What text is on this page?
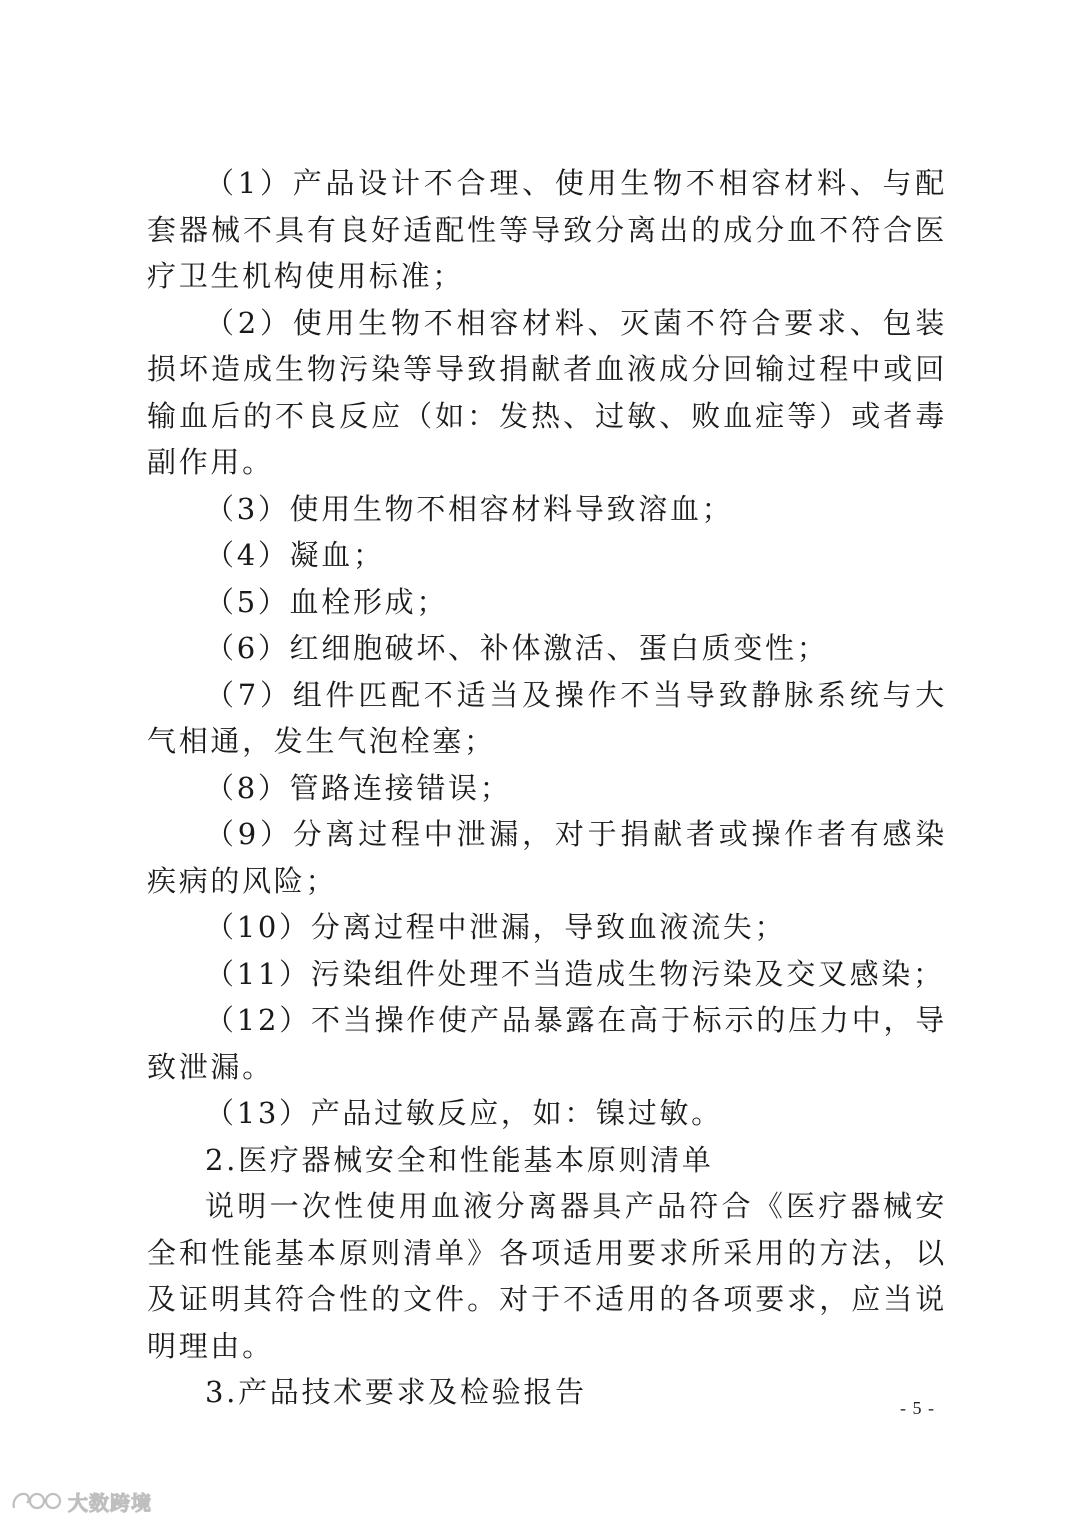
（1）产品设计不合理、使用生物不相容材料、与配套器械不具有良好适配性等导致分离出的成分血不符合医疗卫生机构使用标准；

（2）使用生物不相容材料、灭菌不符合要求、包装损坏造成生物污染等导致捐献者血液成分回输过程中或回输血后的不良反应（如：发热、过敏、败血症等）或者毒副作用。

（3）使用生物不相容材料导致溶血；

（4）凝血；

（5）血栓形成；

（6）红细胞破坏、补体激活、蛋白质变性；

（7）组件匹配不适当及操作不当导致静脉系统与大气相通，发生气泡栓塞；

（8）管路连接错误；

（9）分离过程中泄漏，对于捐献者或操作者有感染疾病的风险；

（10）分离过程中泄漏，导致血液流失；

（11）污染组件处理不当造成生物污染及交叉感染；

（12）不当操作使产品暴露在高于标示的压力中，导致泄漏。

（13）产品过敏反应，如：镍过敏。

2.医疗器械安全和性能基本原则清单

说明一次性使用血液分离器具产品符合《医疗器械安全和性能基本原则清单》各项适用要求所采用的方法，以及证明其符合性的文件。对于不适用的各项要求，应当说明理由。

3.产品技术要求及检验报告	- 5 -
大数跨境
